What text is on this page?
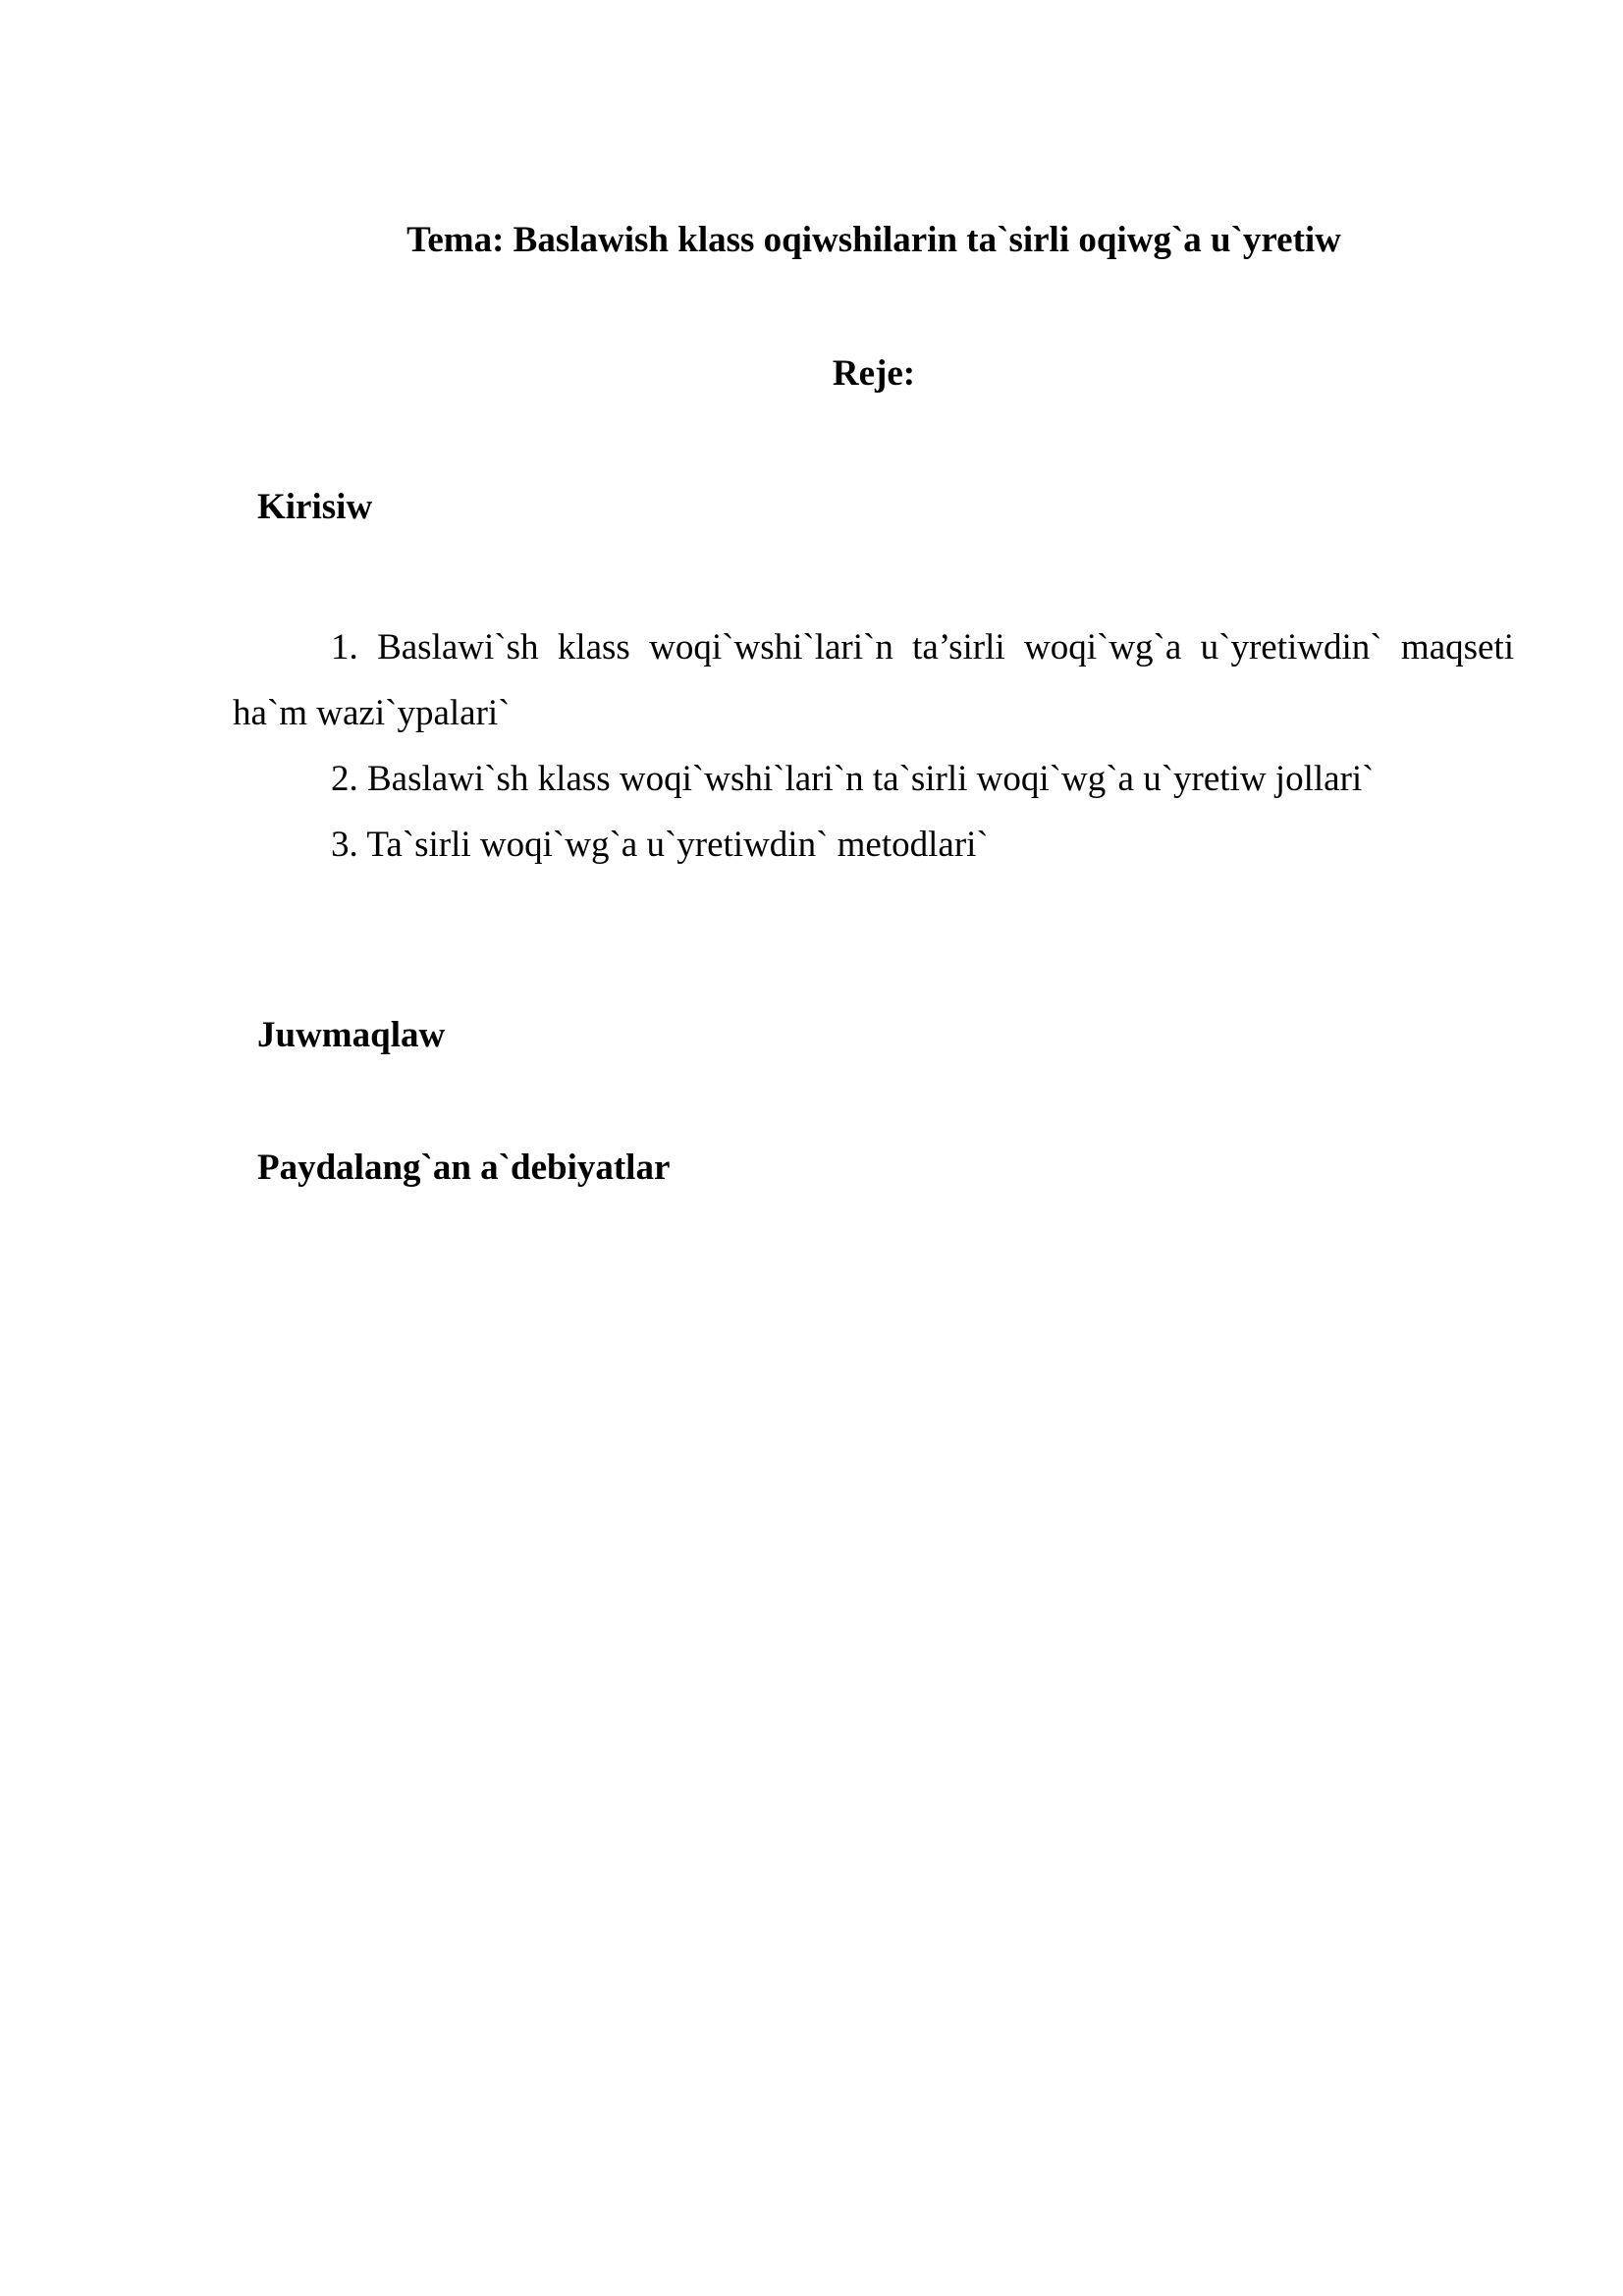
Tema: Baslawish klass oqiwshilarin ta`sirli oqiwg`a u`yretiw
Reje:
Kirisiw
1. Baslawi`sh klass woqi`wshi`lari`n ta’sirli woqi`wg`a u`yretiwdin` maqseti ha`m wazi`ypalari`
2. Baslawi`sh klass woqi`wshi`lari`n ta`sirli woqi`wg`a u`yretiw jollari`
3. Ta`sirli woqi`wg`a u`yretiwdin` metodlari`
Juwmaqlaw
Paydalang`an a`debiyatlar
